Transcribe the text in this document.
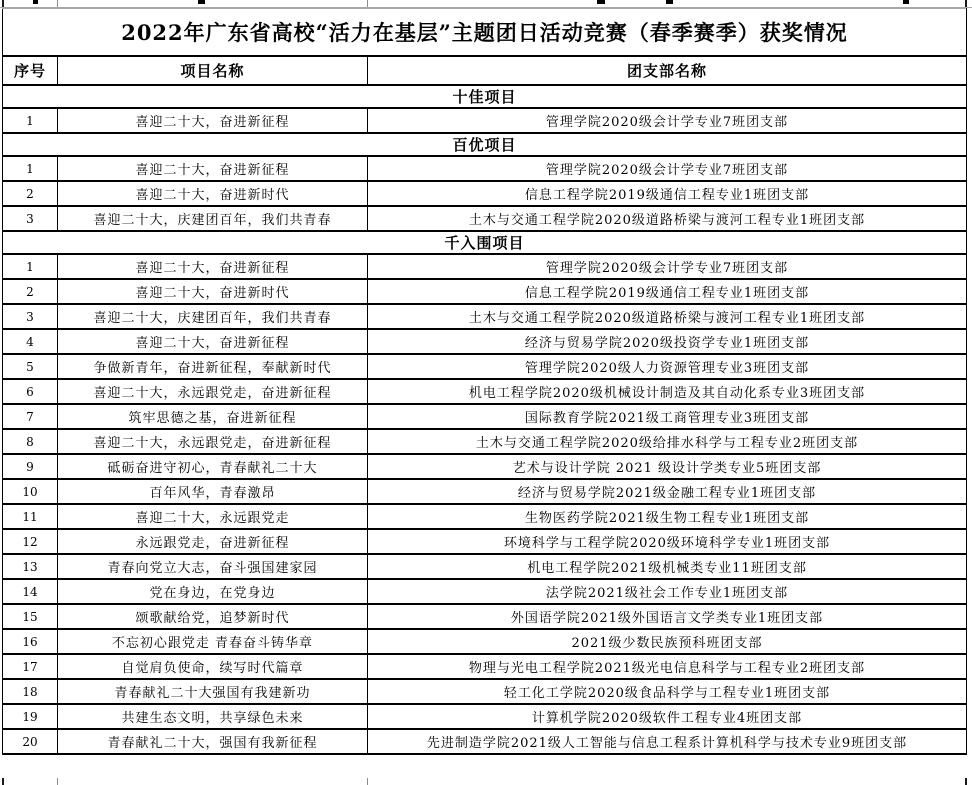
2022年广东省高校“活力在基层”主题团日活动竞赛（春季赛季）获奖情况		
序号	项目名称	团支部名称
十佳项目		
1	喜迎二十大，奋进新征程	管理学院2020级会计学专业7班团支部
百优项目		
1	喜迎二十大，奋进新征程	管理学院2020级会计学专业7班团支部
2	喜迎二十大，奋进新时代	信息工程学院2019级通信工程专业1班团支部
3	喜迎二十大，庆建团百年，我们共青春	土木与交通工程学院2020级道路桥梁与渡河工程专业1班团支部
千入围项目		
1	喜迎二十大，奋进新征程	管理学院2020级会计学专业7班团支部
2	喜迎二十大，奋进新时代	信息工程学院2019级通信工程专业1班团支部
3	喜迎二十大，庆建团百年，我们共青春	土木与交通工程学院2020级道路桥梁与渡河工程专业1班团支部
4	喜迎二十大，奋进新征程	经济与贸易学院2020级投资学专业1班团支部
5	争做新青年，奋进新征程，奉献新时代	管理学院2020级人力资源管理专业3班团支部
6	喜迎二十大，永远跟党走，奋进新征程	机电工程学院2020级机械设计制造及其自动化系专业3班团支部
7	筑牢思德之基，奋进新征程	国际教育学院2021级工商管理专业3班团支部
8	喜迎二十大，永远跟党走，奋进新征程	土木与交通工程学院2020级给排水科学与工程专业2班团支部
9	砥砺奋进守初心，青春献礼二十大	艺术与设计学院 2021 级设计学类专业5班团支部
10	百年风华，青春激昂	经济与贸易学院2021级金融工程专业1班团支部
11	喜迎二十大，永远跟党走	生物医药学院2021级生物工程专业1班团支部
12	永远跟党走，奋进新征程	环境科学与工程学院2020级环境科学专业1班团支部
13	青春向党立大志，奋斗强国建家园	机电工程学院2021级机械类专业11班团支部
14	党在身边，在党身边	法学院2021级社会工作专业1班团支部
15	颂歌献给党，追梦新时代	外国语学院2021级外国语言文学类专业1班团支部
16	不忘初心跟党走 青春奋斗铸华章	2021级少数民族预科班团支部
17	自觉肩负使命，续写时代篇章	物理与光电工程学院2021级光电信息科学与工程专业2班团支部
18	青春献礼二十大强国有我建新功	轻工化工学院2020级食品科学与工程专业1班团支部
19	共建生态文明，共享绿色未来	计算机学院2020级软件工程专业4班团支部
20	青春献礼二十大，强国有我新征程	先进制造学院2021级人工智能与信息工程系计算机科学与技术专业9班团支部
